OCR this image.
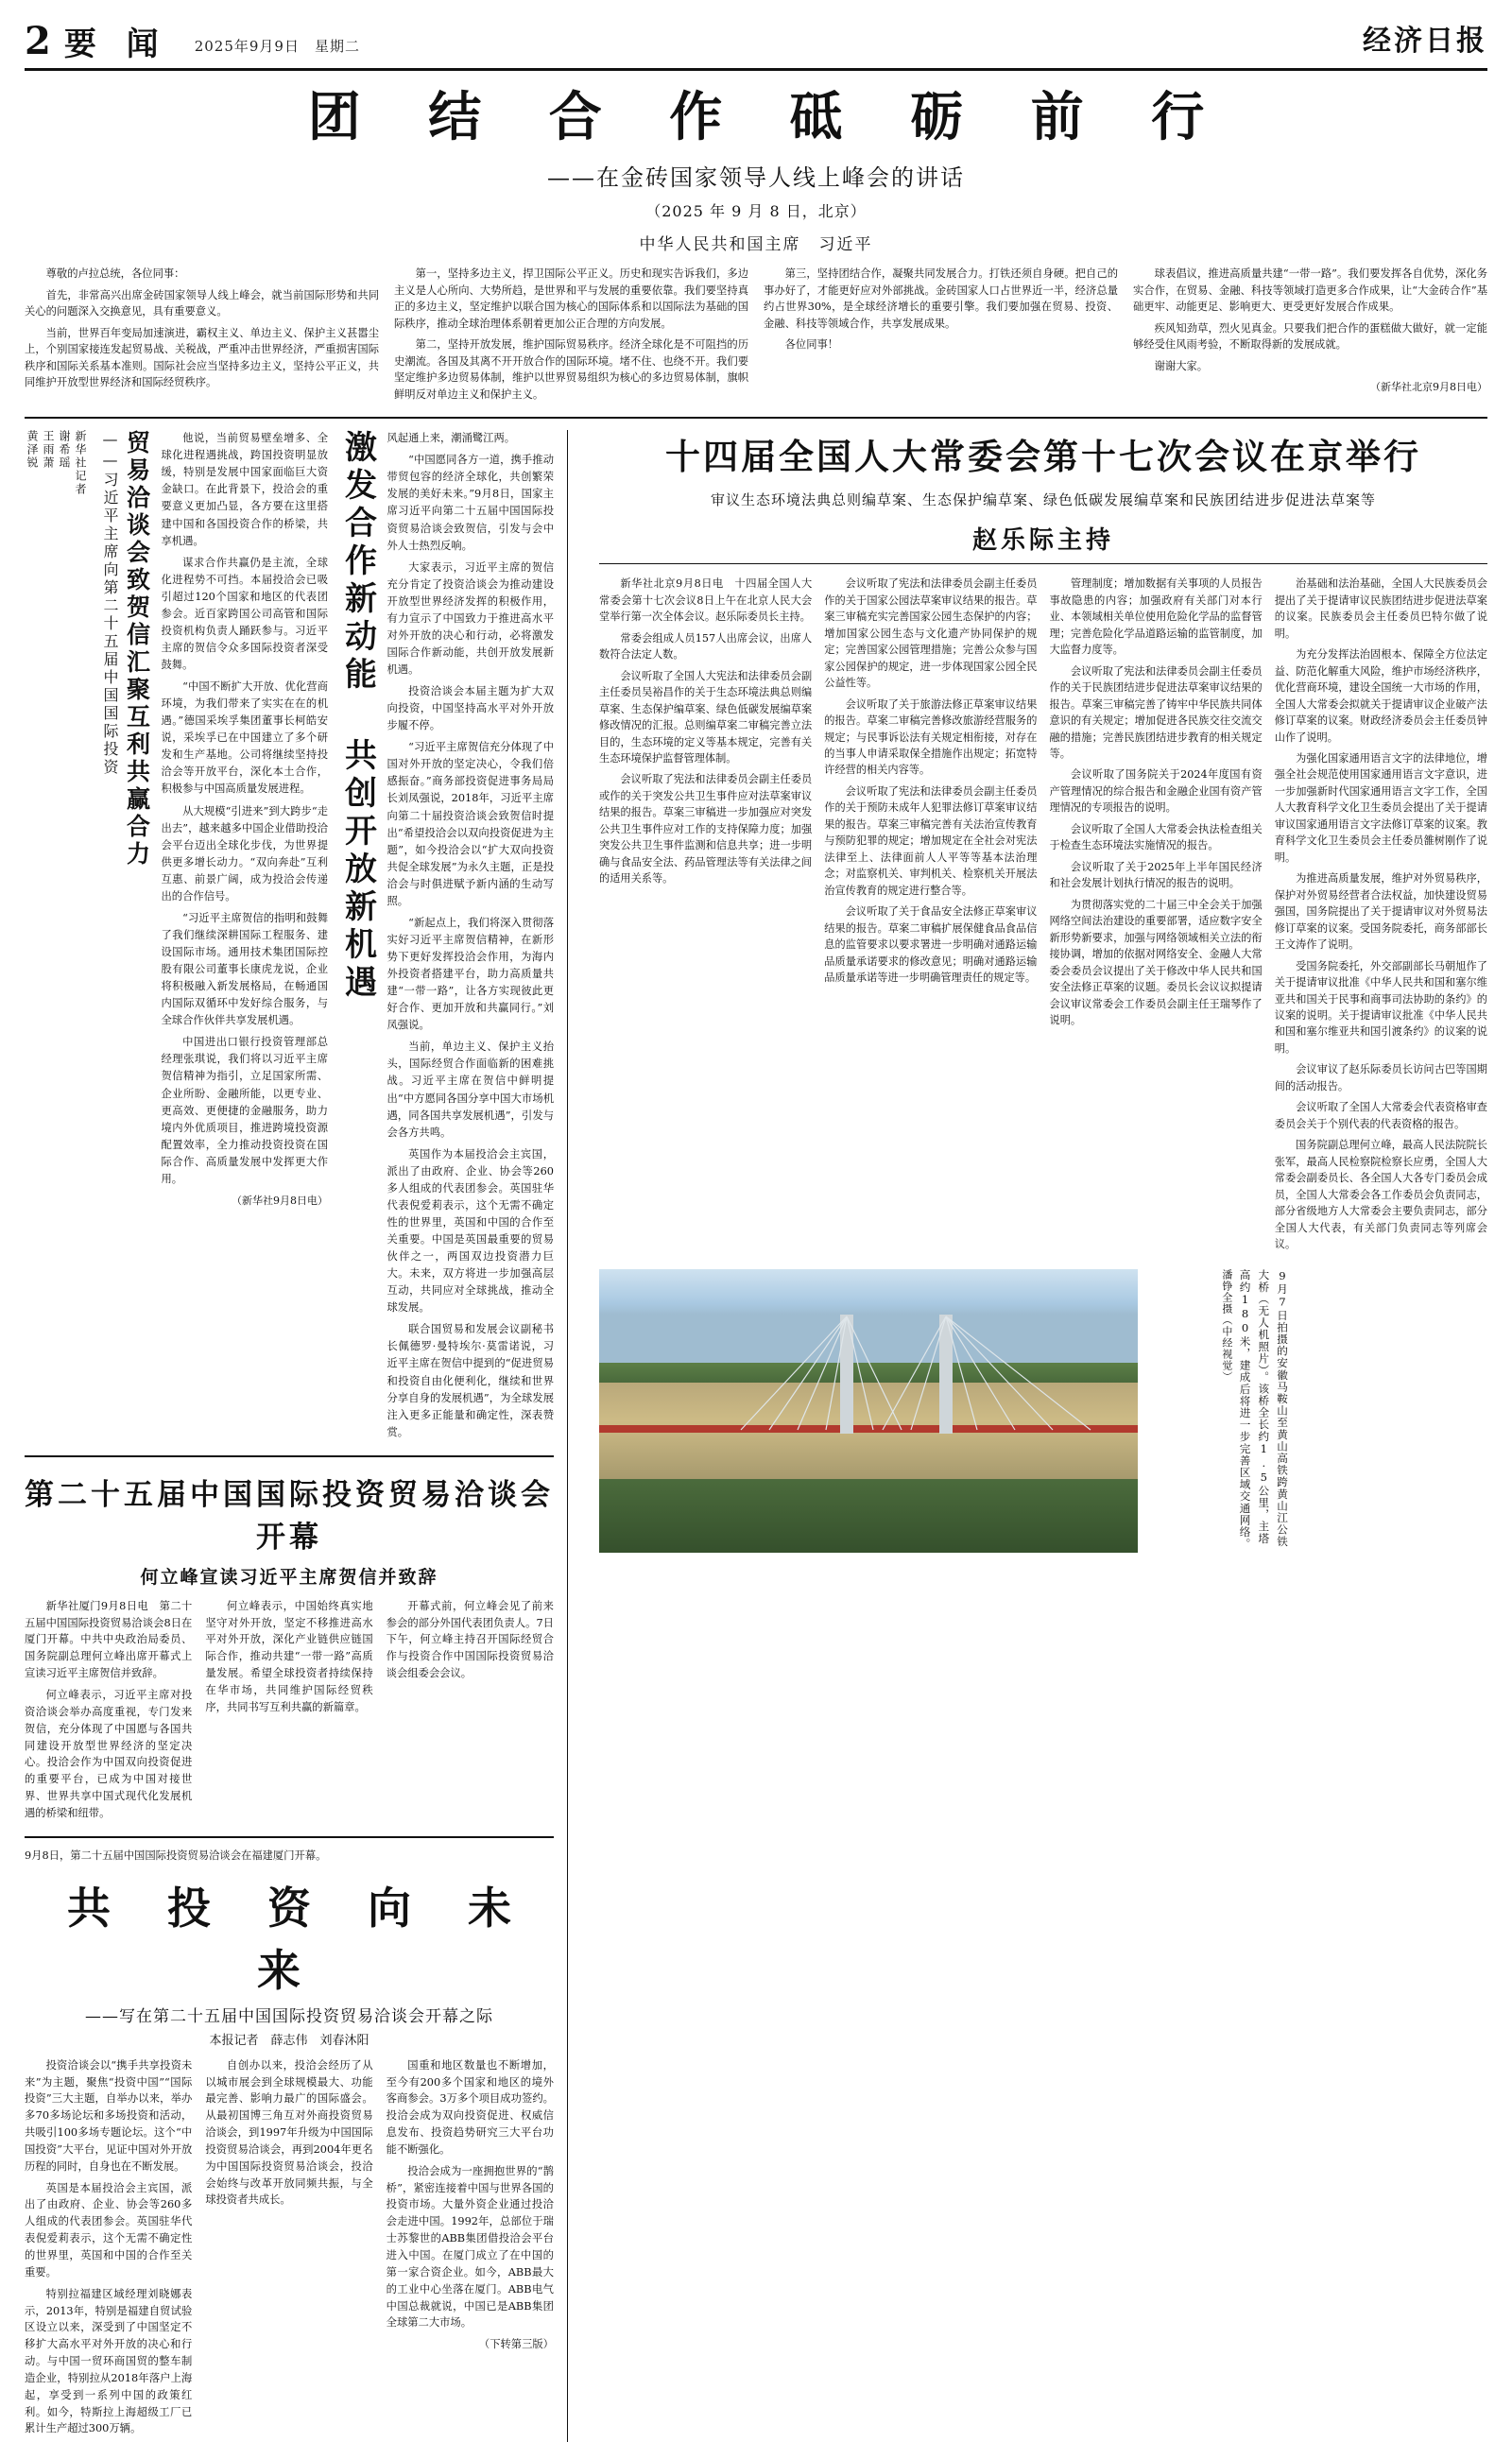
2 要 闻 2025年9月9日　星期二	经济日报
团 结 合 作 砥 砺 前 行
——在金砖国家领导人线上峰会的讲话
（2025 年 9 月 8 日，北京）
中华人民共和国主席　习近平

尊敬的卢拉总统，各位同事：

首先，非常高兴出席金砖国家领导人线上峰会，就当前国际形势和共同关心的问题深入交换意见，具有重要意义。

当前，世界百年变局加速演进，霸权主义、单边主义、保护主义甚嚣尘上，个别国家接连发起贸易战、关税战，严重冲击世界经济，严重损害国际秩序和国际关系基本准则。国际社会应当坚持多边主义，坚持公平正义，共同维护开放型世界经济和国际经贸秩序。

第一，坚持多边主义，捍卫国际公平正义。历史和现实告诉我们，多边主义是人心所向、大势所趋，是世界和平与发展的重要依靠。我们要坚持真正的多边主义，坚定维护以联合国为核心的国际体系和以国际法为基础的国际秩序，推动全球治理体系朝着更加公正合理的方向发展。

第二，坚持开放发展，维护国际贸易秩序。经济全球化是不可阻挡的历史潮流。各国及其离不开开放合作的国际环境。堵不住、也绕不开。我们要坚定维护多边贸易体制，维护以世界贸易组织为核心的多边贸易体制，旗帜鲜明反对单边主义和保护主义。

第三，坚持团结合作，凝聚共同发展合力。打铁还须自身硬。把自己的事办好了，才能更好应对外部挑战。金砖国家人口占世界近一半，经济总量约占世界30%，是全球经济增长的重要引擎。我们要加强在贸易、投资、金融、科技等领域合作，共享发展成果。

各位同事！

球表倡议，推进高质量共建“一带一路”。我们要发挥各自优势，深化务实合作，在贸易、金融、科技等领域打造更多合作成果，让“大金砖合作”基础更牢、动能更足、影响更大、更受更好发展合作成果。

疾风知劲草，烈火见真金。只要我们把合作的蛋糕做大做好，就一定能够经受住风雨考验，不断取得新的发展成就。

谢谢大家。

（新华社北京9月8日电）

风起通上来，潮涌鹭江两。

“中国愿同各方一道，携手推动带贸包容的经济全球化，共创繁荣发展的美好未来。”9月8日，国家主席习近平向第二十五届中国国际投资贸易洽谈会致贺信，引发与会中外人士热烈反响。

大家表示，习近平主席的贺信充分肯定了投资洽谈会为推动建设开放型世界经济发挥的积极作用，有力宣示了中国致力于推进高水平对外开放的决心和行动，必将激发国际合作新动能，共创开放发展新机遇。

投资洽谈会本届主题为扩大双向投资，中国坚持高水平对外开放步履不停。

“习近平主席贺信充分体现了中国对外开放的坚定决心，令我们倍感振奋。”商务部投资促进事务局局长刘凤强说，2018年，习近平主席向第二十届投资洽谈会致贺信时提出“希望投洽会以双向投资促进为主题”，如今投洽会以“扩大双向投资 共促全球发展”为永久主题，正是投洽会与时俱进赋予新内涵的生动写照。

“新起点上，我们将深入贯彻落实好习近平主席贺信精神，在新形势下更好发挥投洽会作用，为海内外投资者搭建平台，助力高质量共建“一带一路”，让各方实现彼此更好合作、更加开放和共赢同行。”刘凤强说。

当前，单边主义、保护主义抬头，国际经贸合作面临新的困难挑战。习近平主席在贺信中鲜明提出“中方愿同各国分享中国大市场机遇，同各国共享发展机遇”，引发与会各方共鸣。

英国作为本届投洽会主宾国，派出了由政府、企业、协会等260多人组成的代表团参会。英国驻华代表倪爱莉表示，这个无需不确定性的世界里，英国和中国的合作至关重要。中国是英国最重要的贸易伙伴之一，两国双边投资潜力巨大。未来，双方将进一步加强高层互动，共同应对全球挑战，推动全球发展。

联合国贸易和发展会议副秘书长佩德罗·曼特埃尔·莫雷诺说，习近平主席在贺信中提到的“促进贸易和投资自由化便利化，继续和世界分享自身的发展机遇”，为全球发展注入更多正能量和确定性，深表赞赏。

激发合作新动能 共创开放新机遇

他说，当前贸易壁垒增多、全球化进程遇挑战，跨国投资明显放缓，特别是发展中国家面临巨大资金缺口。在此背景下，投洽会的重要意义更加凸显，各方要在这里搭建中国和各国投资合作的桥梁，共享机遇。

谋求合作共赢仍是主流，全球化进程势不可挡。本届投洽会已吸引超过120个国家和地区的代表团参会。近百家跨国公司高管和国际投资机构负责人踊跃参与。习近平主席的贺信令众多国际投资者深受鼓舞。

“中国不断扩大开放、优化营商环境，为我们带来了实实在在的机遇。”德国采埃孚集团董事长柯皓安说，采埃孚已在中国建立了多个研发和生产基地。公司将继续坚持投洽会等开放平台，深化本土合作，积极参与中国高质量发展进程。

从大规模“引进来”到大跨步“走出去”，越来越多中国企业借助投洽会平台迈出全球化步伐，为世界提供更多增长动力。“双向奔赴”互利互惠、前景广阔，成为投洽会传递出的合作信号。

“习近平主席贺信的指明和鼓舞了我们继续深耕国际工程服务、建设国际市场。通用技术集团国际控股有限公司董事长康虎龙说，企业将积极融入新发展格局，在畅通国内国际双循环中发好综合服务，与全球合作伙伴共享发展机遇。

中国进出口银行投资管理部总经理张琪说，我们将以习近平主席贺信精神为指引，立足国家所需、企业所盼、金融所能，以更专业、更高效、更便捷的金融服务，助力境内外优质项目，推进跨境投资源配置效率，全力推动投资投资在国际合作、高质量发展中发挥更大作用。

（新华社9月8日电）
贸易洽谈会致贺信汇聚互利共赢合力
——习近平主席向第二十五届中国国际投资
新华社记者
谢希瑶
王雨萧
黄泽锐
第二十五届中国国际投资贸易洽谈会开幕
何立峰宣读习近平主席贺信并致辞

新华社厦门9月8日电　第二十五届中国国际投资贸易洽谈会8日在厦门开幕。中共中央政治局委员、国务院副总理何立峰出席开幕式上宣读习近平主席贺信并致辞。

何立峰表示，习近平主席对投资洽谈会举办高度重视，专门发来贺信，充分体现了中国愿与各国共同建设开放型世界经济的坚定决心。投洽会作为中国双向投资促进的重要平台，已成为中国对接世界、世界共享中国式现代化发展机遇的桥梁和纽带。

何立峰表示，中国始终真实地坚守对外开放，坚定不移推进高水平对外开放，深化产业链供应链国际合作，推动共建“一带一路”高质量发展。希望全球投资者持续保持在华市场，共同维护国际经贸秩序，共同书写互利共赢的新篇章。

开幕式前，何立峰会见了前来参会的部分外国代表团负责人。7日下午，何立峰主持召开国际经贸合作与投资合作中国国际投资贸易洽谈会组委会会议。

9月8日，第二十五届中国国际投资贸易洽谈会在福建厦门开幕。
共 投 资 向 未 来
——写在第二十五届中国国际投资贸易洽谈会开幕之际
本报记者　薛志伟　刘春沐阳

投资洽谈会以“携手共享投资未来”为主题，聚焦“投资中国”“国际投资”三大主题，自举办以来，举办多70多场论坛和多场投资和活动，共吸引100多场专题论坛。这个“中国投资”大平台，见证中国对外开放历程的同时，自身也在不断发展。

英国是本届投洽会主宾国，派出了由政府、企业、协会等260多人组成的代表团参会。英国驻华代表倪爱莉表示，这个无需不确定性的世界里，英国和中国的合作至关重要。

特别拉福建区域经理刘晓娜表示，2013年，特别是福建自贸试验区设立以来，深受到了中国坚定不移扩大高水平对外开放的决心和行动。与中国一贸环商国贸的整车制造企业，特别拉从2018年落户上海起，享受到一系列中国的政策红利。如今，特斯拉上海超级工厂已累计生产超过300万辆。

自创办以来，投洽会经历了从以城市展会到全球规模最大、功能最完善、影响力最广的国际盛会。从最初国博三角互对外商投资贸易洽谈会，到1997年升级为中国国际投资贸易洽谈会，再到2004年更名为中国国际投资贸易洽谈会，投洽会始终与改革开放同频共振，与全球投资者共成长。

国重和地区数量也不断增加，至今有200多个国家和地区的境外客商参会。3万多个项目成功签约。投洽会成为双向投资促进、权威信息发布、投资趋势研究三大平台功能不断强化。

投洽会成为一座拥抱世界的“鹊桥”，紧密连接着中国与世界各国的投资市场。大量外资企业通过投洽会走进中国。1992年，总部位于瑞士苏黎世的ABB集团借投洽会平台进入中国。在厦门成立了在中国的第一家合资企业。如今，ABB最大的工业中心坐落在厦门。ABB电气中国总裁就说，中国已是ABB集团全球第二大市场。

（下转第三版）
十四届全国人大常委会第十七次会议在京举行
审议生态环境法典总则编草案、生态保护编草案、绿色低碳发展编草案和民族团结进步促进法草案等
赵乐际主持

新华社北京9月8日电　十四届全国人大常委会第十七次会议8日上午在北京人民大会堂举行第一次全体会议。赵乐际委员长主持。

常委会组成人员157人出席会议，出席人数符合法定人数。

会议听取了全国人大宪法和法律委员会副主任委员吴裕昌作的关于生态环境法典总则编草案、生态保护编草案、绿色低碳发展编草案修改情况的汇报。总则编草案二审稿完善立法目的，生态环境的定义等基本规定，完善有关生态环境保护监督管理体制。

会议听取了宪法和法律委员会副主任委员或作的关于突发公共卫生事件应对法草案审议结果的报告。草案三审稿进一步加强应对突发公共卫生事件应对工作的支持保障力度；加强突发公共卫生事件监测和信息共享；进一步明确与食品安全法、药品管理法等有关法律之间的适用关系等。

会议听取了宪法和法律委员会副主任委员作的关于国家公园法草案审议结果的报告。草案三审稿充实完善国家公园生态保护的内容；增加国家公园生态与文化遗产协同保护的规定；完善国家公园管理措施；完善公众参与国家公园保护的规定，进一步体现国家公园全民公益性等。

会议听取了关于旅游法修正草案审议结果的报告。草案二审稿完善修改旅游经营服务的规定；与民事诉讼法有关规定相衔接，对存在的当事人申请采取保全措施作出规定；拓宽特许经营的相关内容等。

会议听取了宪法和法律委员会副主任委员作的关于预防未成年人犯罪法修订草案审议结果的报告。草案三审稿完善有关法治宣传教育与预防犯罪的规定；增加规定在全社会对宪法法律至上、法律面前人人平等等基本法治理念；对监察机关、审判机关、检察机关开展法治宣传教育的规定进行整合等。

会议听取了关于食品安全法修正草案审议结果的报告。草案二审稿扩展保健食品食品信息的监管要求以要求署进一步明确对通路运输品质量承诺要求的修改意见；明确对通路运输品质量承诺等进一步明确管理责任的规定等。

管理制度；增加数据有关事项的人员报告事故隐患的内容；加强政府有关部门对本行业、本领域相关单位使用危险化学品的监督管理；完善危险化学品道路运输的监管制度，加大监督力度等。

会议听取了宪法和法律委员会副主任委员作的关于民族团结进步促进法草案审议结果的报告。草案三审稿完善了铸牢中华民族共同体意识的有关规定；增加促进各民族交往交流交融的措施；完善民族团结进步教育的相关规定等。

会议听取了国务院关于2024年度国有资产管理情况的综合报告和金融企业国有资产管理情况的专项报告的说明。

会议听取了全国人大常委会执法检查组关于检查生态环境法实施情况的报告。

会议听取了关于2025年上半年国民经济和社会发展计划执行情况的报告的说明。

为贯彻落实党的二十届三中全会关于加强网络空间法治建设的重要部署，适应数字安全新形势新要求，加强与网络领域相关立法的衔接协调，增加的依据对网络安全、金融人大常委会委员会议提出了关于修改中华人民共和国安全法修正草案的议题。委员长会议议拟提请会议审议常委会工作委员会副主任王瑞琴作了说明。

治基础和法治基础，全国人大民族委员会提出了关于提请审议民族团结进步促进法草案的议案。民族委员会主任委员巴特尔做了说明。

为充分发挥法治固根本、保障全方位法定益、防范化解重大风险，维护市场经济秩序，优化营商环境，建设全国统一大市场的作用，全国人大常委会拟就关于提请审议企业破产法修订草案的议案。财政经济委员会主任委员钟山作了说明。

为强化国家通用语言文字的法律地位，增强全社会规范使用国家通用语言文字意识，进一步加强新时代国家通用语言文字工作，全国人大教育科学文化卫生委员会提出了关于提请审议国家通用语言文字法修订草案的议案。教育科学文化卫生委员会主任委员雒树刚作了说明。

为推进高质量发展，维护对外贸易秩序，保护对外贸易经营者合法权益，加快建设贸易强国，国务院提出了关于提请审议对外贸易法修订草案的议案。受国务院委托，商务部部长王文涛作了说明。

受国务院委托，外交部副部长马朝旭作了关于提请审议批准《中华人民共和国和塞尔维亚共和国关于民事和商事司法协助的条约》的议案的说明。关于提请审议批准《中华人民共和国和塞尔维亚共和国引渡条约》的议案的说明。

会议审议了赵乐际委员长访问古巴等国期间的活动报告。

会议听取了全国人大常委会代表资格审查委员会关于个别代表的代表资格的报告。

国务院副总理何立峰，最高人民法院院长张军，最高人民检察院检察长应勇，全国人大常委会副委员长、各全国人大各专门委员会成员，全国人大常委会各工作委员会负责同志，部分省级地方人大常委会主要负责同志，部分全国人大代表，有关部门负责同志等列席会议。

9月7日拍摄的安徽马鞍山至黄山高铁跨黄山江公铁大桥（无人机照片）。该桥全长约1.5公里，主塔高约180米，建成后将进一步完善区域交通网络。 潘铮全摄（中经视觉）
